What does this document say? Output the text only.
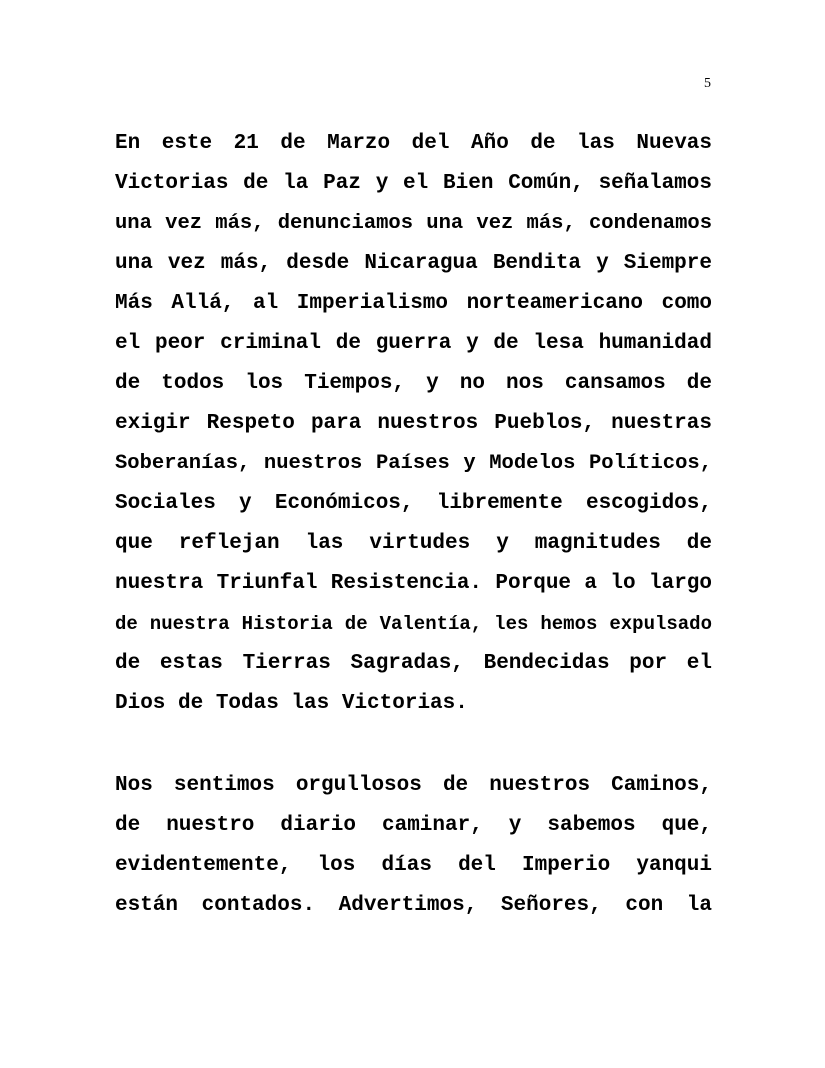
5
En este 21 de Marzo del Año de las Nuevas
Victorias de la Paz y el Bien Común, señalamos
una vez más, denunciamos una vez más, condenamos
una vez más, desde Nicaragua Bendita y Siempre
Más Allá, al Imperialismo norteamericano como
el peor criminal de guerra y de lesa humanidad
de todos los Tiempos, y no nos cansamos de
exigir Respeto para nuestros Pueblos, nuestras
Soberanías, nuestros Países y Modelos Políticos,
Sociales y Económicos, libremente escogidos,
que reflejan las virtudes y magnitudes de
nuestra Triunfal Resistencia. Porque a lo largo
de nuestra Historia de Valentía, les hemos expulsado
de estas Tierras Sagradas, Bendecidas por el
Dios de Todas las Victorias.
Nos sentimos orgullosos de nuestros Caminos,
de nuestro diario caminar, y sabemos que,
evidentemente, los días del Imperio yanqui
están contados. Advertimos, Señores, con la
